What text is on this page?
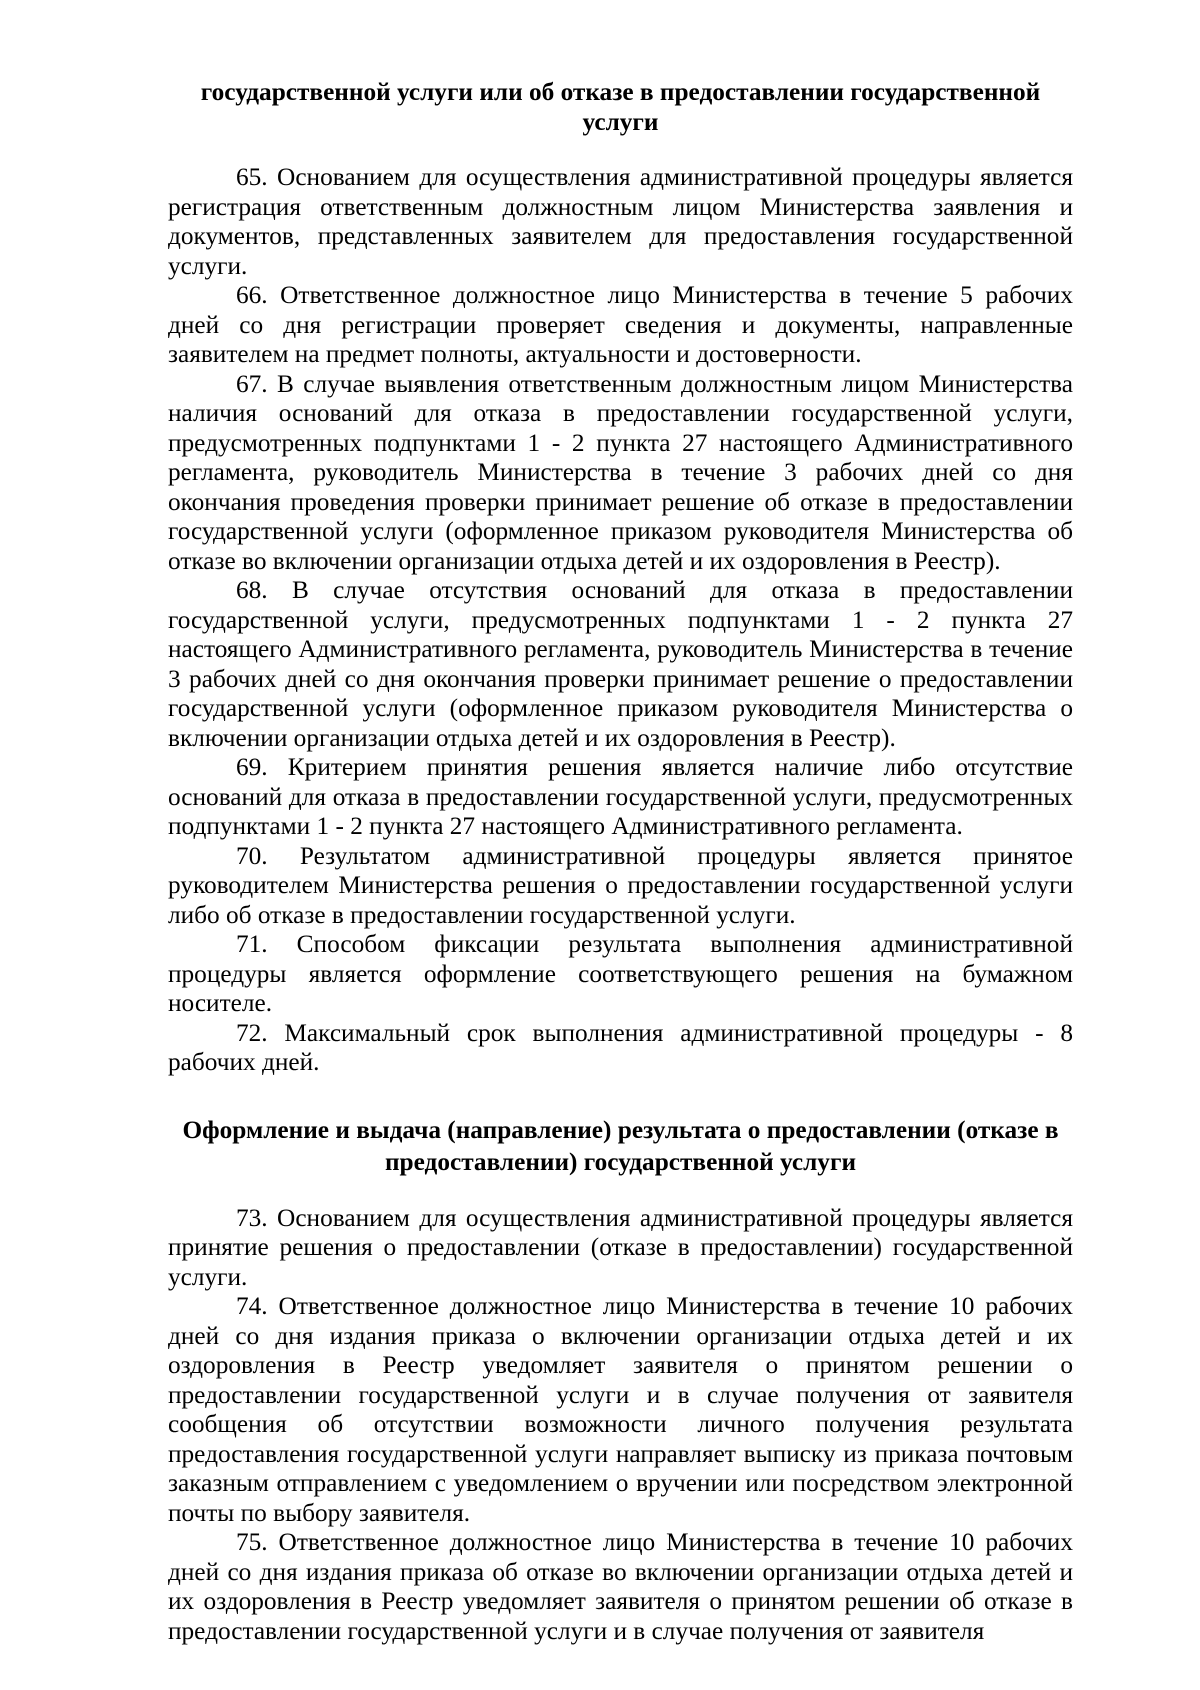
государственной услуги или об отказе в предоставлении государственной услуги

65. Основанием для осуществления административной процедуры является регистрация ответственным должностным лицом Министерства заявления и документов, представленных заявителем для предоставления государственной услуги.

66. Ответственное должностное лицо Министерства в течение 5 рабочих дней со дня регистрации проверяет сведения и документы, направленные заявителем на предмет полноты, актуальности и достоверности.

67. В случае выявления ответственным должностным лицом Министерства наличия оснований для отказа в предоставлении государственной услуги, предусмотренных подпунктами 1 - 2 пункта 27 настоящего Административного регламента, руководитель Министерства в течение 3 рабочих дней со дня окончания проведения проверки принимает решение об отказе в предоставлении государственной услуги (оформленное приказом руководителя Министерства об отказе во включении организации отдыха детей и их оздоровления в Реестр).

68. В случае отсутствия оснований для отказа в предоставлении государственной услуги, предусмотренных подпунктами 1 - 2 пункта 27 настоящего Административного регламента, руководитель Министерства в течение 3 рабочих дней со дня окончания проверки принимает решение о предоставлении государственной услуги (оформленное приказом руководителя Министерства о включении организации отдыха детей и их оздоровления в Реестр).

69. Критерием принятия решения является наличие либо отсутствие оснований для отказа в предоставлении государственной услуги, предусмотренных подпунктами 1 - 2 пункта 27 настоящего Административного регламента.

70. Результатом административной процедуры является принятое руководителем Министерства решения о предоставлении государственной услуги либо об отказе в предоставлении государственной услуги.

71. Способом фиксации результата выполнения административной процедуры является оформление соответствующего решения на бумажном носителе.

72. Максимальный срок выполнения административной процедуры - 8 рабочих дней.

Оформление и выдача (направление) результата о предоставлении (отказе в предоставлении) государственной услуги

73. Основанием для осуществления административной процедуры является принятие решения о предоставлении (отказе в предоставлении) государственной услуги.

74. Ответственное должностное лицо Министерства в течение 10 рабочих дней со дня издания приказа о включении организации отдыха детей и их оздоровления в Реестр уведомляет заявителя о принятом решении о предоставлении государственной услуги и в случае получения от заявителя сообщения об отсутствии возможности личного получения результата предоставления государственной услуги направляет выписку из приказа почтовым заказным отправлением с уведомлением о вручении или посредством электронной почты по выбору заявителя.

75. Ответственное должностное лицо Министерства в течение 10 рабочих дней со дня издания приказа об отказе во включении организации отдыха детей и их оздоровления в Реестр уведомляет заявителя о принятом решении об отказе в предоставлении государственной услуги и в случае получения от заявителя
